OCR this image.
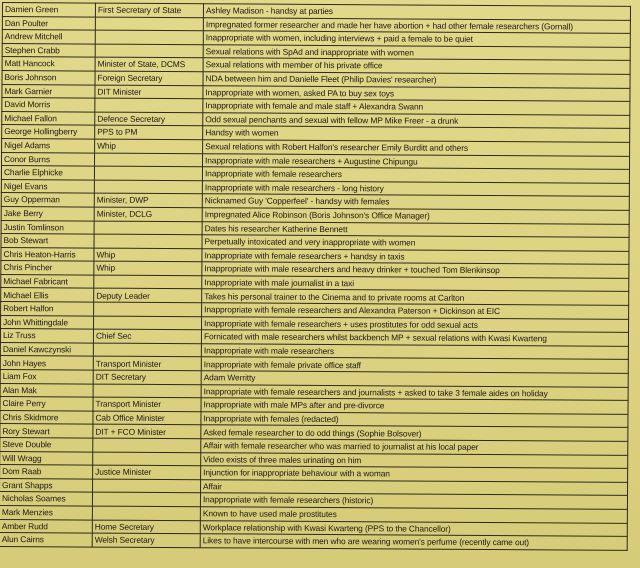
Damien Green	First Secretary of State	Ashley Madison - handsy at parties
Dan Poulter		Impregnated former researcher and made her have abortion + had other female researchers (Gornall)
Andrew Mitchell		Inappropriate with women, including interviews + paid a female to be quiet
Stephen Crabb		Sexual relations with SpAd and inappropriate with women
Matt Hancock	Minister of State, DCMS	Sexual relations with member of his private office
Boris Johnson	Foreign Secretary	NDA between him and Danielle Fleet (Philip Davies' researcher)
Mark Garnier	DIT Minister	Inappropriate with women, asked PA to buy sex toys
David Morris		Inappropriate with female and male staff + Alexandra Swann
Michael Fallon	Defence Secretary	Odd sexual penchants and sexual with fellow MP Mike Freer - a drunk
George Hollingberry	PPS to PM	Handsy with women
Nigel Adams	Whip	Sexual relations with Robert Halfon's researcher Emily Burditt and others
Conor Burns		Inappropriate with male researchers + Augustine Chipungu
Charlie Elphicke		Inappropriate with female researchers
Nigel Evans		Inappropriate with male researchers - long history
Guy Opperman	Minister, DWP	Nicknamed Guy 'Copperfeel' - handsy with females
Jake Berry	Minister, DCLG	Impregnated Alice Robinson (Boris Johnson's Office Manager)
Justin Tomlinson		Dates his researcher Katherine Bennett
Bob Stewart		Perpetually intoxicated and very inappropriate with women
Chris Heaton-Harris	Whip	Inappropriate with female researchers + handsy in taxis
Chris Pincher	Whip	Inappropriate with male researchers and heavy drinker + touched Tom Blenkinsop
Michael Fabricant		Inappropriate with male journalist in a taxi
Michael Ellis	Deputy Leader	Takes his personal trainer to the Cinema and to private rooms at Carlton
Robert Halfon		Inappropriate with female researchers and Alexandra Paterson + Dickinson at EIC
John Whittingdale		Inappropriate with female researchers + uses prostitutes for odd sexual acts
Liz Truss	Chief Sec	Fornicated with male researchers whilst backbench MP + sexual relations with Kwasi Kwarteng
Daniel Kawczynski		Inappropriate with male researchers
John Hayes	Transport Minister	Inappropriate with female private office staff
Liam Fox	DIT Secretary	Adam Werritty
Alan Mak		Inappropriate with female researchers and journalists + asked to take 3 female aides on holiday
Claire Perry	Transport Minister	Inappropriate with male MPs after and pre-divorce
Chris Skidmore	Cab Office Minister	Inappropriate with females (redacted)
Rory Stewart	DIT + FCO Minister	Asked female researcher to do odd things (Sophie Bolsover)
Steve Double		Affair with female researcher who was married to journalist at his local paper
Will Wragg		Video exists of three males urinating on him
Dom Raab	Justice Minister	Injunction for inappropriate behaviour with a woman
Grant Shapps		Affair
Nicholas Soames		Inappropriate with female researchers (historic)
Mark Menzies		Known to have used male prostitutes
Amber Rudd	Home Secretary	Workplace relationship with Kwasi Kwarteng (PPS to the Chancellor)
Alun Cairns	Welsh Secretary	Likes to have intercourse with men who are wearing women's perfume (recently came out)
